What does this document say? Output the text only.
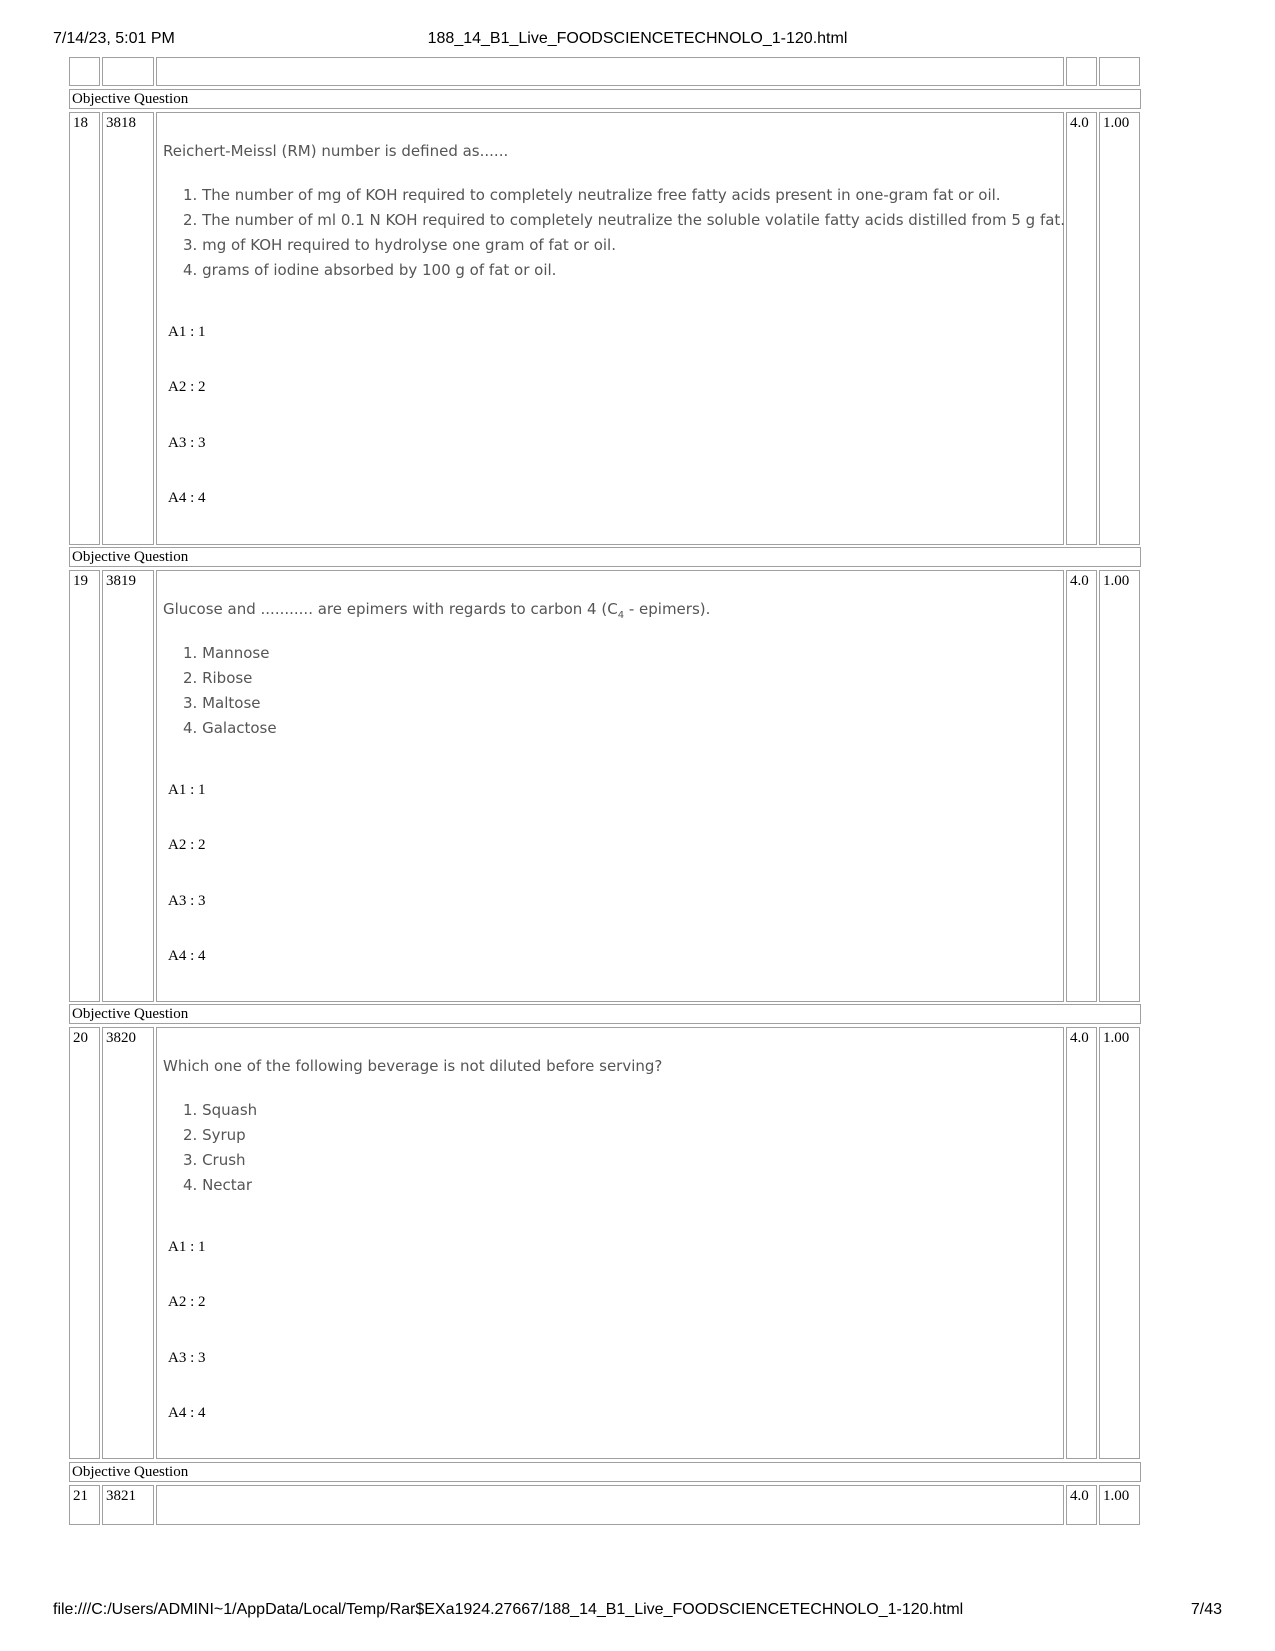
7/14/23, 5:01 PM	188_14_B1_Live_FOODSCIENCETECHNOLO_1-120.html
Objective Question
18	3818
Reichert-Meissl (RM) number is defined as......
1. The number of mg of KOH required to completely neutralize free fatty acids present in one-gram fat or oil.
2. The number of ml 0.1 N KOH required to completely neutralize the soluble volatile fatty acids distilled from 5 g fat.
3. mg of KOH required to hydrolyse one gram of fat or oil.
4. grams of iodine absorbed by 100 g of fat or oil.
A1 : 1
A2 : 2
A3 : 3
A4 : 4
4.0 1.00
Objective Question
19	3819
Glucose and ........... are epimers with regards to carbon 4 ($C_4$ - epimers).
1. Mannose
2. Ribose
3. Maltose
4. Galactose
A1 : 1
A2 : 2
A3 : 3
A4 : 4
4.0 1.00
Objective Question
20	3820
Which one of the following beverage is not diluted before serving?
1. Squash
2. Syrup
3. Crush
4. Nectar
A1 : 1
A2 : 2
A3 : 3
A4 : 4
4.0 1.00
Objective Question
21	3821	4.0 1.00
file:///C:/Users/ADMINI~1/AppData/Local/Temp/Rar$EXa1924.27667/188_14_B1_Live_FOODSCIENCETECHNOLO_1-120.html	7/43
